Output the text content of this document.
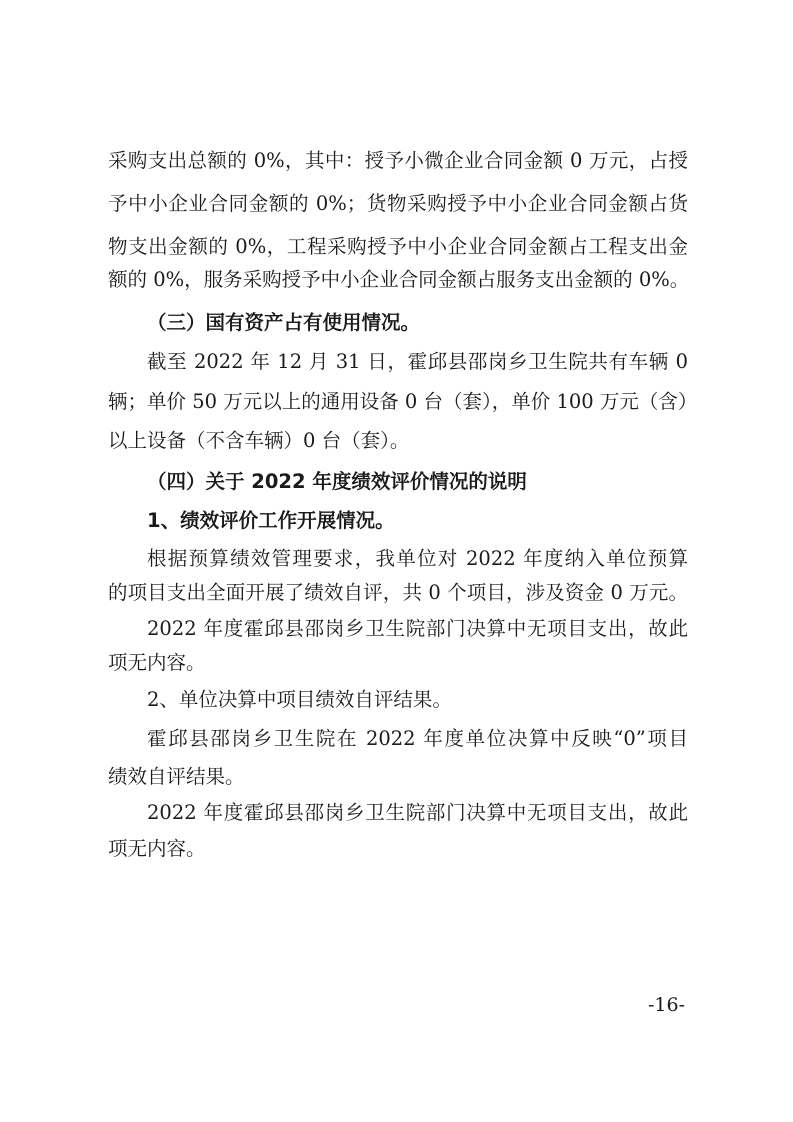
采购支出总额的 0%，其中：授予小微企业合同金额 0 万元，占授
予中小企业合同金额的 0%；货物采购授予中小企业合同金额占货
物支出金额的 0%，工程采购授予中小企业合同金额占工程支出金
额的 0%，服务采购授予中小企业合同金额占服务支出金额的 0%。
（三）国有资产占有使用情况。
截至 2022 年 12 月 31 日，霍邱县邵岗乡卫生院共有车辆 0
辆；单价 50 万元以上的通用设备 0 台（套），单价 100 万元（含）
以上设备（不含车辆）0 台（套）。
（四）关于 2022 年度绩效评价情况的说明
1、绩效评价工作开展情况。
根据预算绩效管理要求，我单位对 2022 年度纳入单位预算
的项目支出全面开展了绩效自评，共 0 个项目，涉及资金 0 万元。
2022 年度霍邱县邵岗乡卫生院部门决算中无项目支出，故此
项无内容。
2、单位决算中项目绩效自评结果。
霍邱县邵岗乡卫生院在 2022 年度单位决算中反映“0”项目
绩效自评结果。
2022 年度霍邱县邵岗乡卫生院部门决算中无项目支出，故此
项无内容。
-16-
